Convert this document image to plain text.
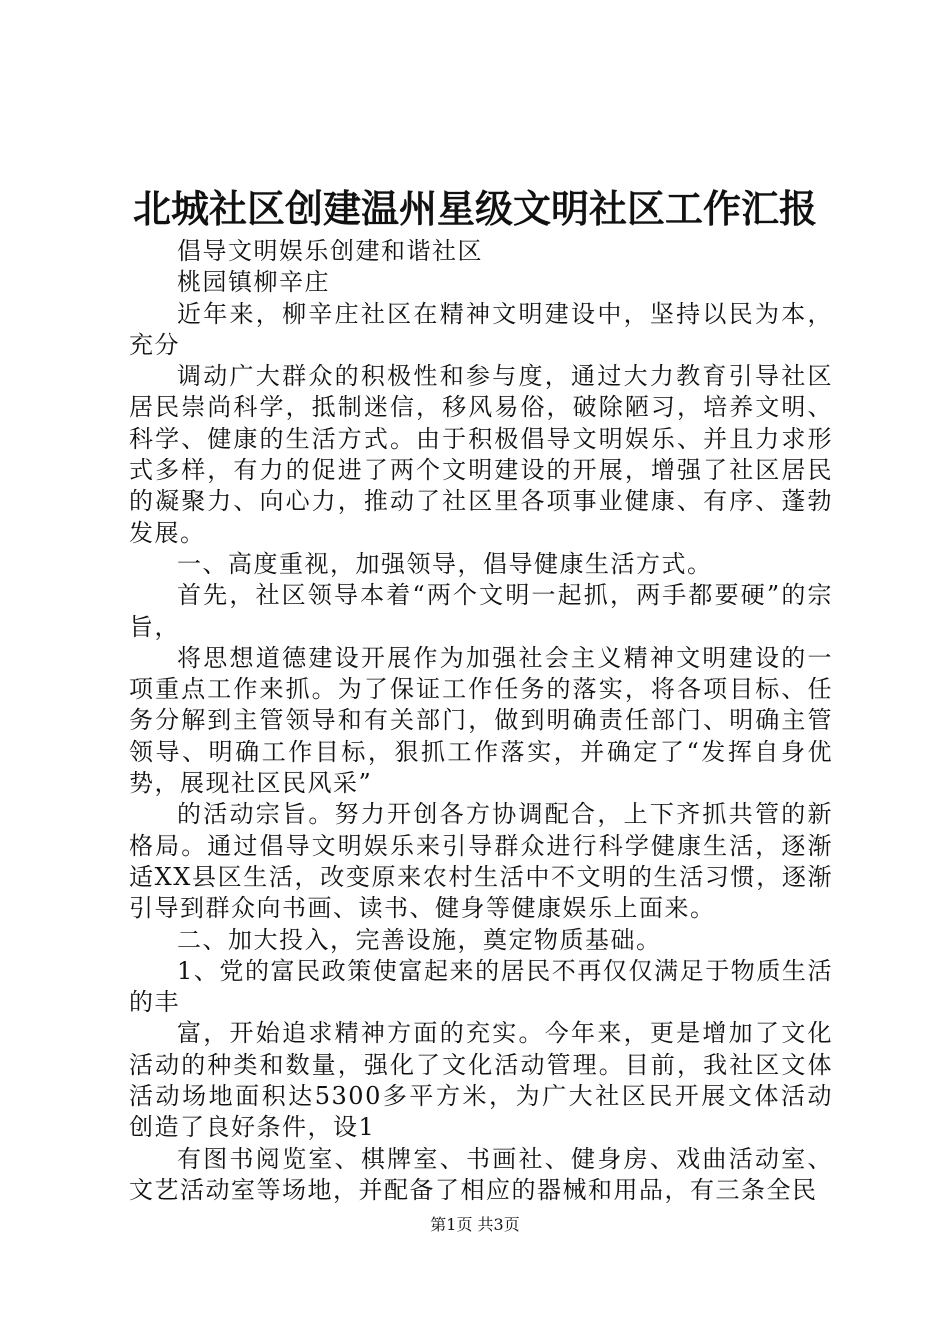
北城社区创建温州星级文明社区工作汇报

倡导文明娱乐创建和谐社区

桃园镇柳辛庄

近年来，柳辛庄社区在精神文明建设中，坚持以民为本，充分

调动广大群众的积极性和参与度，通过大力教育引导社区居民崇尚科学，抵制迷信，移风易俗，破除陋习，培养文明、科学、健康的生活方式。由于积极倡导文明娱乐、并且力求形式多样，有力的促进了两个文明建设的开展，增强了社区居民的凝聚力、向心力，推动了社区里各项事业健康、有序、蓬勃发展。

一、高度重视，加强领导，倡导健康生活方式。

首先，社区领导本着“两个文明一起抓，两手都要硬”的宗旨，

将思想道德建设开展作为加强社会主义精神文明建设的一项重点工作来抓。为了保证工作任务的落实，将各项目标、任务分解到主管领导和有关部门，做到明确责任部门、明确主管领导、明确工作目标，狠抓工作落实，并确定了“发挥自身优势，展现社区民风采”

的活动宗旨。努力开创各方协调配合，上下齐抓共管的新格局。通过倡导文明娱乐来引导群众进行科学健康生活，逐渐适XX县区生活，改变原来农村生活中不文明的生活习惯，逐渐引导到群众向书画、读书、健身等健康娱乐上面来。

二、加大投入，完善设施，奠定物质基础。

1、党的富民政策使富起来的居民不再仅仅满足于物质生活的丰

富，开始追求精神方面的充实。今年来，更是增加了文化活动的种类和数量，强化了文化活动管理。目前，我社区文体活动场地面积达5300多平方米，为广大社区民开展文体活动创造了良好条件，设1

有图书阅览室、棋牌室、书画社、健身房、戏曲活动室、文艺活动室等场地，并配备了相应的器械和用品，有三条全民

第1页 共3页
